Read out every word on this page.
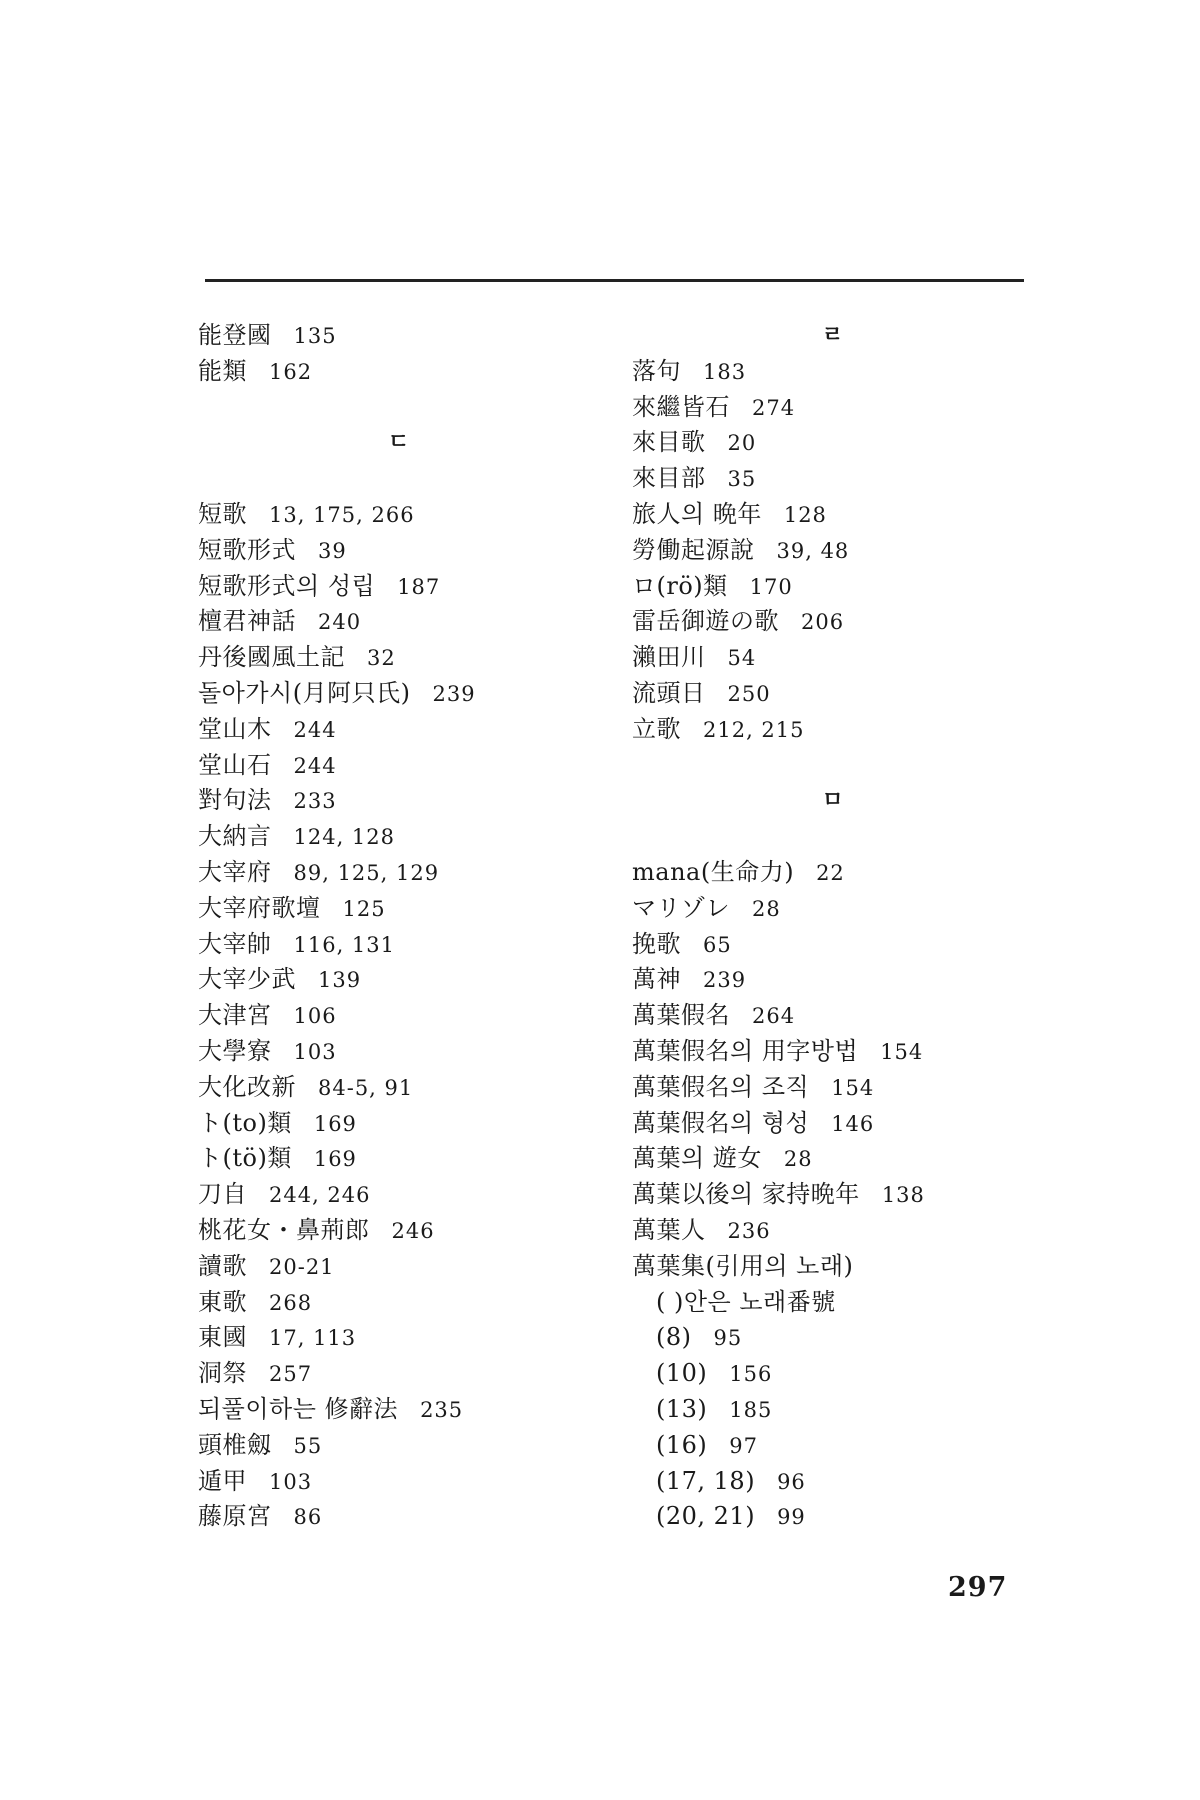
能登國 135
能類 162
ㄷ
短歌 13, 175, 266
短歌形式 39
短歌形式의 성립 187
檀君神話 240
丹後國風土記 32
돌아가시(月阿只氏) 239
堂山木 244
堂山石 244
對句法 233
大納言 124, 128
大宰府 89, 125, 129
大宰府歌壇 125
大宰帥 116, 131
大宰少武 139
大津宮 106
大學寮 103
大化改新 84-5, 91
ト(to)類 169
ト(tö)類 169
刀自 244, 246
桃花女・鼻荊郎 246
讀歌 20-21
東歌 268
東國 17, 113
洞祭 257
되풀이하는 修辭法 235
頭椎劔 55
遁甲 103
藤原宮 86
ㄹ
落句 183
來繼皆石 274
來目歌 20
來目部 35
旅人의 晩年 128
勞働起源說 39, 48
ロ(rö)類 170
雷岳御遊の歌 206
瀨田川 54
流頭日 250
立歌 212, 215
ㅁ
mana(生命力) 22
マリゾレ 28
挽歌 65
萬神 239
萬葉假名 264
萬葉假名의 用字방법 154
萬葉假名의 조직 154
萬葉假名의 형성 146
萬葉의 遊女 28
萬葉以後의 家持晩年 138
萬葉人 236
萬葉集(引用의 노래)
( )안은 노래番號
(8) 95
(10) 156
(13) 185
(16) 97
(17, 18) 96
(20, 21) 99
297
